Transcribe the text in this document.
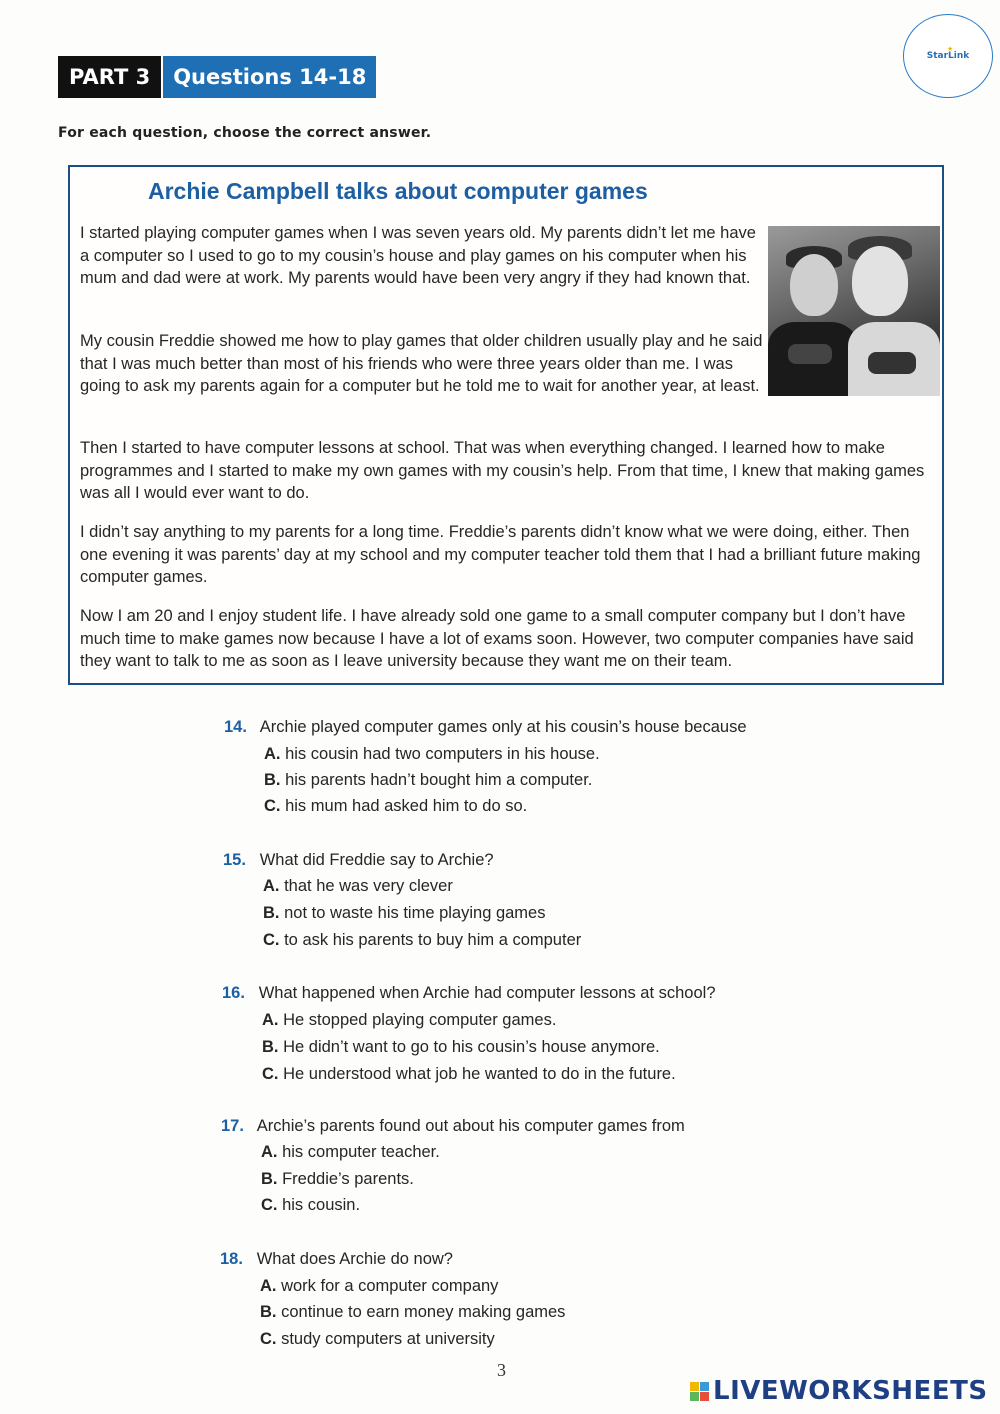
PART 3	Questions 14-18
★
StarLink
For each question, choose the correct answer.
Archie Campbell talks about computer games
I started playing computer games when I was seven years old. My parents didn’t let me have a computer so I used to go to my cousin’s house and play games on his computer when his mum and dad were at work. My parents would have been very angry if they had known that.
My cousin Freddie showed me how to play games that older children usually play and he said that I was much better than most of his friends who were three years older than me. I was going to ask my parents again for a computer but he told me to wait for another year, at least.
Then I started to have computer lessons at school. That was when everything changed. I learned how to make programmes and I started to make my own games with my cousin’s help. From that time, I knew that making games was all I would ever want to do.
I didn’t say anything to my parents for a long time. Freddie’s parents didn’t know what we were doing, either. Then one evening it was parents’ day at my school and my computer teacher told them that I had a brilliant future making computer games.
Now I am 20 and I enjoy student life. I have already sold one game to a small computer company but I don’t have much time to make games now because I have a lot of exams soon. However, two computer companies have said they want to talk to me as soon as I leave university because they want me on their team.
14. Archie played computer games only at his cousin’s house because
A. his cousin had two computers in his house.
B. his parents hadn’t bought him a computer.
C. his mum had asked him to do so.
15. What did Freddie say to Archie?
A. that he was very clever
B. not to waste his time playing games
C. to ask his parents to buy him a computer
16. What happened when Archie had computer lessons at school?
A. He stopped playing computer games.
B. He didn’t want to go to his cousin’s house anymore.
C. He understood what job he wanted to do in the future.
17. Archie’s parents found out about his computer games from
A. his computer teacher.
B. Freddie’s parents.
C. his cousin.
18. What does Archie do now?
A. work for a computer company
B. continue to earn money making games
C. study computers at university
3
LIVEWORKSHEETS
